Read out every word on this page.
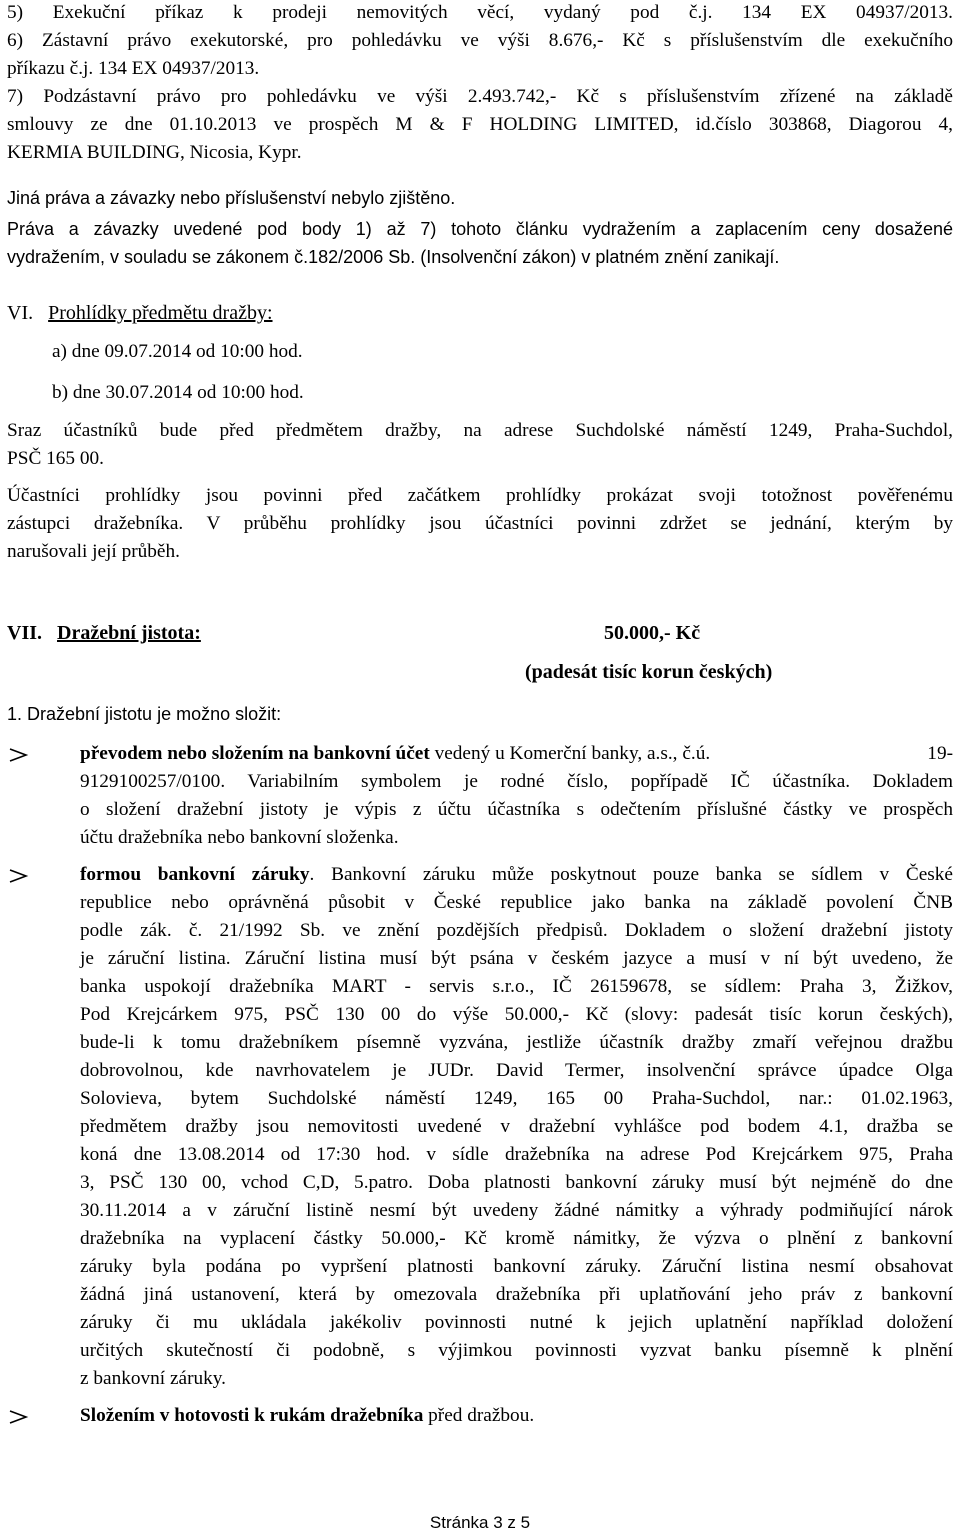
5) Exekuční příkaz k prodeji nemovitých věcí, vydaný pod č.j. 134 EX 04937/2013.
6) Zástavní právo exekutorské, pro pohledávku ve výši 8.676,- Kč s příslušenstvím dle exekučního
příkazu č.j. 134 EX 04937/2013.
7) Podzástavní právo pro pohledávku ve výši 2.493.742,- Kč s příslušenstvím zřízené na základě
smlouvy ze dne 01.10.2013 ve prospěch M & F HOLDING LIMITED, id.číslo 303868, Diagorou 4,
KERMIA BUILDING, Nicosia, Kypr.
Jiná práva a závazky nebo příslušenství nebylo zjištěno.
Práva a závazky uvedené pod body 1) až 7) tohoto článku vydražením a zaplacením ceny dosažené
vydražením, v souladu se zákonem č.182/2006 Sb. (Insolvenční zákon) v platném znění zanikají.
VI. Prohlídky předmětu dražby:
a) dne 09.07.2014 od 10:00 hod.
b) dne 30.07.2014 od 10:00 hod.
Sraz účastníků bude před předmětem dražby, na adrese Suchdolské náměstí 1249, Praha-Suchdol,
PSČ 165 00.
Účastníci prohlídky jsou povinni před začátkem prohlídky prokázat svoji totožnost pověřenému
zástupci dražebníka. V průběhu prohlídky jsou účastníci povinni zdržet se jednání, kterým by
narušovali její průběh.
VII. Dražební jistota:	50.000,- Kč
(padesát tisíc korun českých)
1. Dražební jistotu je možno složit:
převodem nebo složením na bankovní účet vedený u Komerční banky, a.s., č.ú.	19-
9129100257/0100. Variabilním symbolem je rodné číslo, popřípadě IČ účastníka. Dokladem
o složení dražební jistoty je výpis z účtu účastníka s odečtením příslušné částky ve prospěch
účtu dražebníka nebo bankovní složenka.
formou bankovní záruky. Bankovní záruku může poskytnout pouze banka se sídlem v České
republice nebo oprávněná působit v České republice jako banka na základě povolení ČNB
podle zák. č. 21/1992 Sb. ve znění pozdějších předpisů. Dokladem o složení dražební jistoty
je záruční listina. Záruční listina musí být psána v českém jazyce a musí v ní být uvedeno, že
banka uspokojí dražebníka MART - servis s.r.o., IČ 26159678, se sídlem: Praha 3, Žižkov,
Pod Krejcárkem 975, PSČ 130 00 do výše 50.000,- Kč (slovy: padesát tisíc korun českých),
bude-li k tomu dražebníkem písemně vyzvána, jestliže účastník dražby zmaří veřejnou dražbu
dobrovolnou, kde navrhovatelem je JUDr. David Termer, insolvenční správce úpadce Olga
Solovieva, bytem Suchdolské náměstí 1249, 165 00 Praha-Suchdol, nar.: 01.02.1963,
předmětem dražby jsou nemovitosti uvedené v dražební vyhlášce pod bodem 4.1, dražba se
koná dne 13.08.2014 od 17:30 hod. v sídle dražebníka na adrese Pod Krejcárkem 975, Praha
3, PSČ 130 00, vchod C,D, 5.patro. Doba platnosti bankovní záruky musí být nejméně do dne
30.11.2014 a v záruční listině nesmí být uvedeny žádné námitky a výhrady podmiňující nárok
dražebníka na vyplacení částky 50.000,- Kč kromě námitky, že výzva o plnění z bankovní
záruky byla podána po vypršení platnosti bankovní záruky. Záruční listina nesmí obsahovat
žádná jiná ustanovení, která by omezovala dražebníka při uplatňování jeho práv z bankovní
záruky či mu ukládala jakékoliv povinnosti nutné k jejich uplatnění například doložení
určitých skutečností či podobně, s výjimkou povinnosti vyzvat banku písemně k plnění
z bankovní záruky.
Složením v hotovosti k rukám dražebníka před dražbou.
Stránka 3 z 5
